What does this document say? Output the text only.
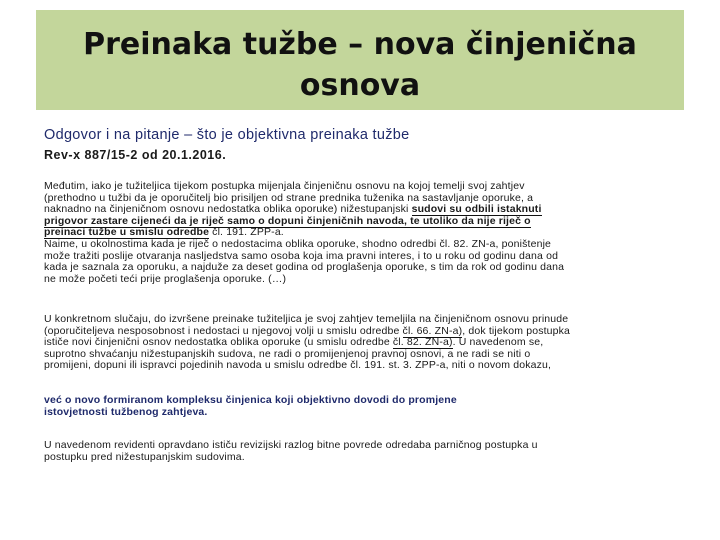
Preinaka tužbe – nova činjenična
osnova

Odgovor i na pitanje – što je objektivna preinaka tužbe

Rev-x 887/15-2 od 20.1.2016.

Međutim, iako je tužiteljica tijekom postupka mijenjala činjeničnu osnovu na kojoj temelji svoj zahtjev
(prethodno u tužbi da je oporučitelj bio prisiljen od strane prednika tuženika na sastavljanje oporuke, a
naknadno na činjeničnom osnovu nedostatka oblika oporuke) nižestupanjski sudovi su odbili istaknuti
prigovor zastare cijeneći da je riječ samo o dopuni činjeničnih navoda, te utoliko da nije riječ o
preinaci tužbe u smislu odredbe čl. 191. ZPP-a.
Naime, u okolnostima kada je riječ o nedostacima oblika oporuke, shodno odredbi čl. 82. ZN-a, poništenje
može tražiti poslije otvaranja nasljedstva samo osoba koja ima pravni interes, i to u roku od godinu dana od
kada je saznala za oporuku, a najduže za deset godina od proglašenja oporuke, s tim da rok od godinu dana
ne može početi teći prije proglašenja oporuke. (…)
U konkretnom slučaju, do izvršene preinake tužiteljica je svoj zahtjev temeljila na činjeničnom osnovu prinude
(oporučiteljeva nesposobnost i nedostaci u njegovoj volji u smislu odredbe čl. 66. ZN-a), dok tijekom postupka
ističe novi činjenični osnov nedostatka oblika oporuke (u smislu odredbe čl. 82. ZN-a). U navedenom se,
suprotno shvaćanju nižestupanjskih sudova, ne radi o promijenjenoj pravnoj osnovi, a ne radi se niti o
promijeni, dopuni ili ispravci pojedinih navoda u smislu odredbe čl. 191. st. 3. ZPP-a, niti o novom dokazu,
već o novo formiranom kompleksu činjenica koji objektivno dovodi do promjene
istovjetnosti tužbenog zahtjeva.
U navedenom revidenti opravdano ističu revizijski razlog bitne povrede odredaba parničnog postupka u
postupku pred nižestupanjskim sudovima.
